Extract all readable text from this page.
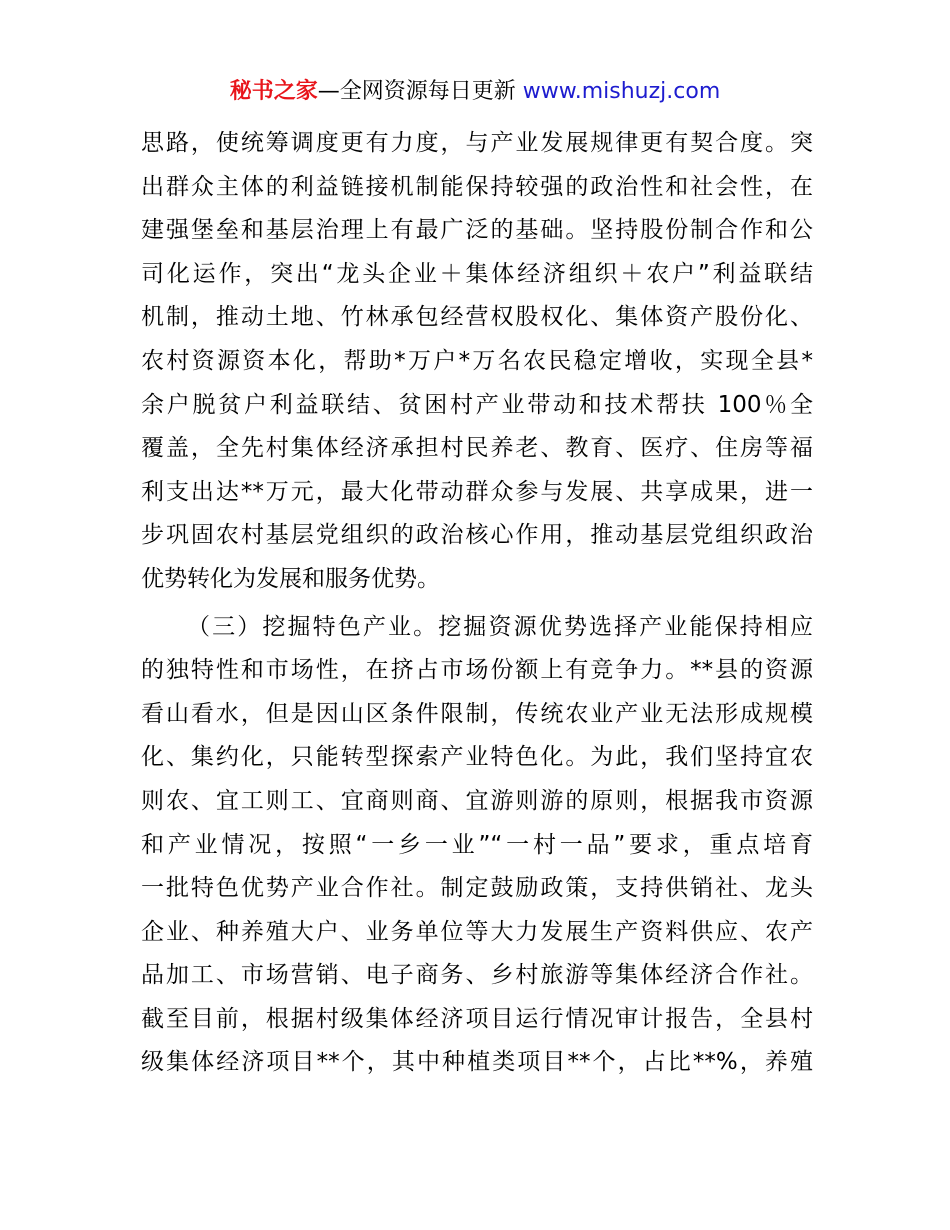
秘书之家—全网资源每日更新 www.mishuzj.com
思路，使统筹调度更有力度，与产业发展规律更有契合度。突
出群众主体的利益链接机制能保持较强的政治性和社会性，在
建强堡垒和基层治理上有最广泛的基础。坚持股份制合作和公
司化运作，突出“龙头企业＋集体经济组织＋农户”利益联结
机制，推动土地、竹林承包经营权股权化、集体资产股份化、
农村资源资本化，帮助*万户*万名农民稳定增收，实现全县*
余户脱贫户利益联结、贫困村产业带动和技术帮扶 100％全
覆盖，全先村集体经济承担村民养老、教育、医疗、住房等福
利支出达**万元，最大化带动群众参与发展、共享成果，进一
步巩固农村基层党组织的政治核心作用，推动基层党组织政治
优势转化为发展和服务优势。
（三）挖掘特色产业。挖掘资源优势选择产业能保持相应
的独特性和市场性，在挤占市场份额上有竞争力。**县的资源
看山看水，但是因山区条件限制，传统农业产业无法形成规模
化、集约化，只能转型探索产业特色化。为此，我们坚持宜农
则农、宜工则工、宜商则商、宜游则游的原则，根据我市资源
和产业情况，按照“一乡一业”“一村一品”要求，重点培育
一批特色优势产业合作社。制定鼓励政策，支持供销社、龙头
企业、种养殖大户、业务单位等大力发展生产资料供应、农产
品加工、市场营销、电子商务、乡村旅游等集体经济合作社。
截至目前，根据村级集体经济项目运行情况审计报告，全县村
级集体经济项目**个，其中种植类项目**个，占比**%，养殖
